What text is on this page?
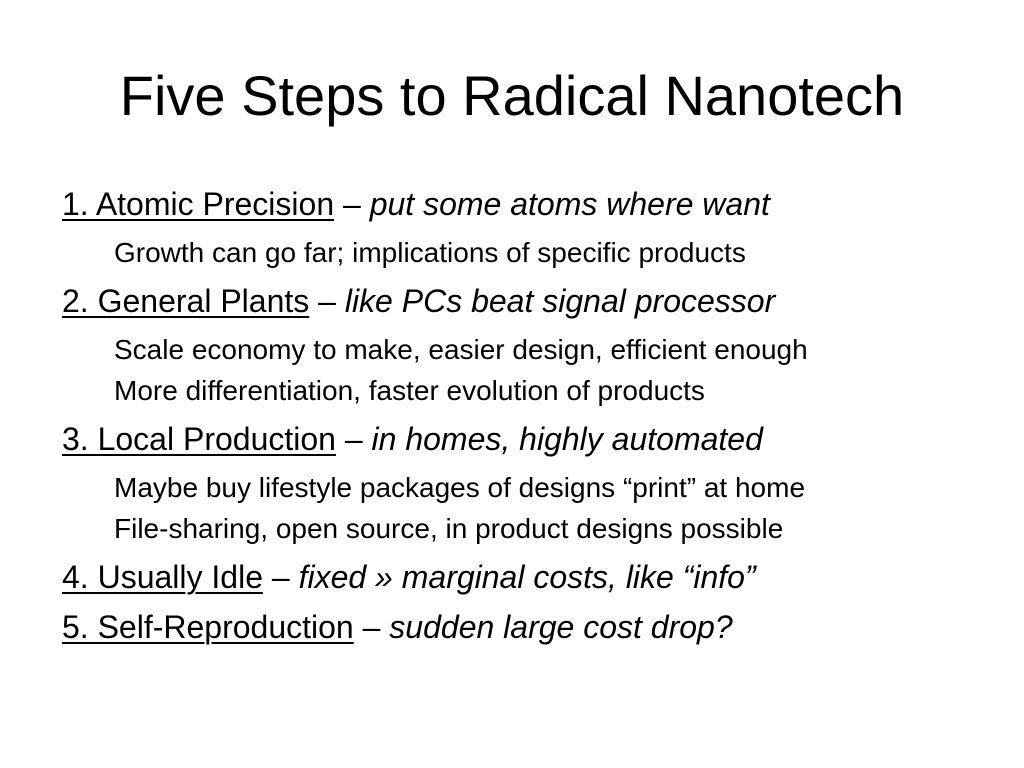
Five Steps to Radical Nanotech
1. Atomic Precision – put some atoms where want
Growth can go far; implications of specific products
2. General Plants – like PCs beat signal processor
Scale economy to make, easier design, efficient enough
More differentiation, faster evolution of products
3. Local Production – in homes, highly automated
Maybe buy lifestyle packages of designs “print” at home
File-sharing, open source, in product designs possible
4. Usually Idle – fixed » marginal costs, like “info”
5. Self-Reproduction – sudden large cost drop?
